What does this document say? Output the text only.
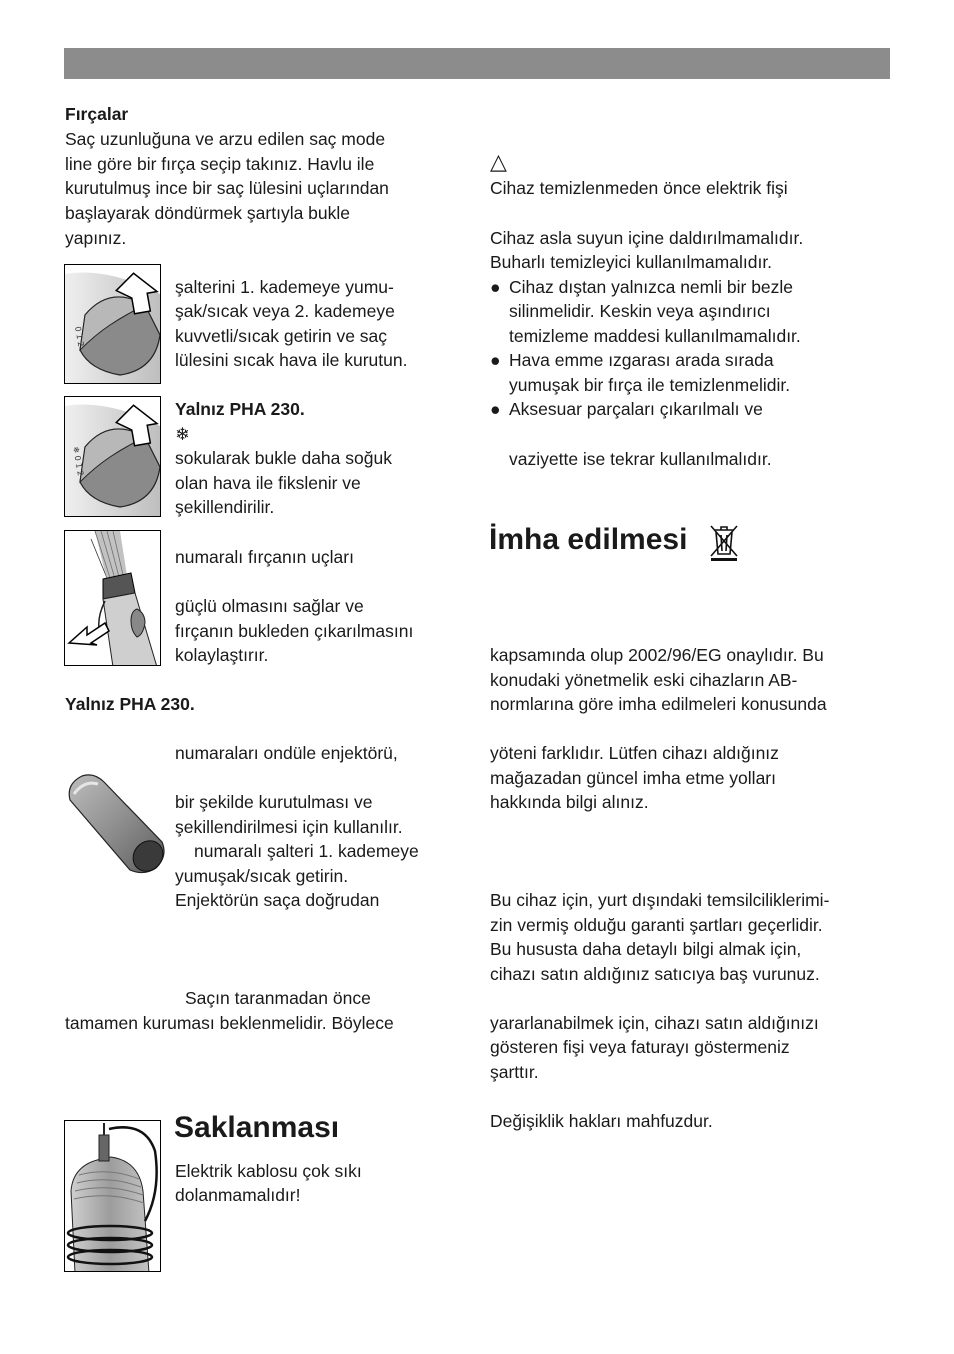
Fırçalar
Saç uzunluğuna ve arzu edilen saç mode
line göre bir fırça seçip takınız. Havlu ile
kurutulmuş ince bir saç lülesini uçlarından
başlayarak döndürmek şartıyla bukle
yapınız.
0 1 2
şalterini 1. kademeye yumu-
şak/sıcak veya 2. kademeye
kuvvetli/sıcak getirin ve saç
lülesini sıcak hava ile kurutun.
❄ 0 1 2
Yalnız PHA 230.
❄
sokularak bukle daha soğuk
olan hava ile fikslenir ve
şekillendirilir.
numaralı fırçanın uçları
güçlü olmasını sağlar ve
fırçanın bukleden çıkarılmasını
kolaylaştırır.
Yalnız PHA 230.
numaraları ondüle enjektörü,
bir şekilde kurutulması ve
şekillendirilmesi için kullanılır.
numaralı şalteri 1. kademeye
yumuşak/sıcak getirin.
Enjektörün saça doğrudan
Saçın taranmadan önce
tamamen kuruması beklenmelidir. Böylece
Saklanması
Elektrik kablosu çok sıkı
dolanmamalıdır!
△
Cihaz temizlenmeden önce elektrik fişi
Cihaz asla suyun içine daldırılmamalıdır.
Buharlı temizleyici kullanılmamalıdır.
● Cihaz dıştan yalnızca nemli bir bezle
silinmelidir. Keskin veya aşındırıcı
temizleme maddesi kullanılmamalıdır.
● Hava emme ızgarası arada sırada
yumuşak bir fırça ile temizlenmelidir.
● Aksesuar parçaları çıkarılmalı ve
vaziyette ise tekrar kullanılmalıdır.
İmha edilmesi
kapsamında olup 2002/96/EG onaylıdır. Bu
konudaki yönetmelik eski cihazların AB-
normlarına göre imha edilmeleri konusunda
yöteni farklıdır. Lütfen cihazı aldığınız
mağazadan güncel imha etme yolları
hakkında bilgi alınız.
Bu cihaz için, yurt dışındaki temsilciliklerimi-
zin vermiş olduğu garanti şartları geçerlidir.
Bu hususta daha detaylı bilgi almak için,
cihazı satın aldığınız satıcıya baş vurunuz.
yararlanabilmek için, cihazı satın aldığınızı
gösteren fişi veya faturayı göstermeniz
şarttır.
Değişiklik hakları mahfuzdur.
